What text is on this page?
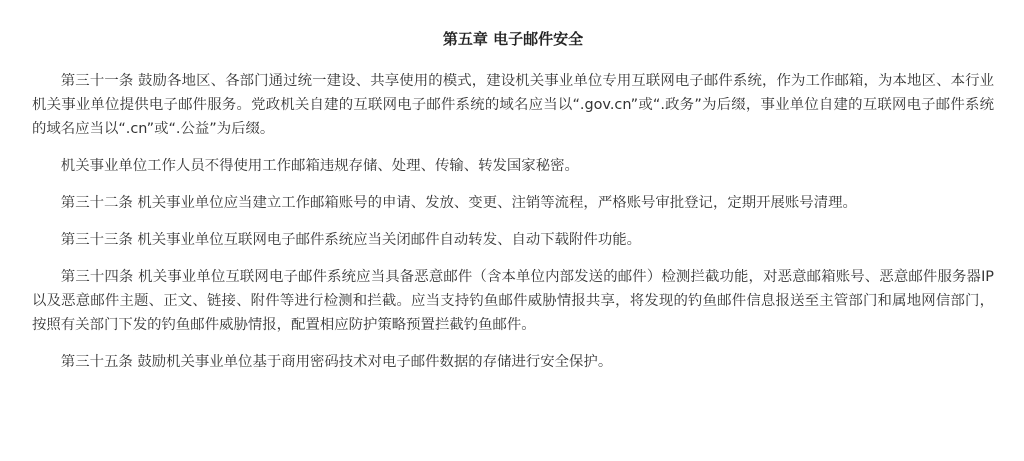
第五章 电子邮件安全

第三十一条 鼓励各地区、各部门通过统一建设、共享使用的模式，建设机关事业单位专用互联网电子邮件系统，作为工作邮箱，为本地区、本行业机关事业单位提供电子邮件服务。党政机关自建的互联网电子邮件系统的域名应当以“.gov.cn”或“.政务”为后缀，事业单位自建的互联网电子邮件系统的域名应当以“.cn”或“.公益”为后缀。

机关事业单位工作人员不得使用工作邮箱违规存储、处理、传输、转发国家秘密。

第三十二条 机关事业单位应当建立工作邮箱账号的申请、发放、变更、注销等流程，严格账号审批登记，定期开展账号清理。

第三十三条 机关事业单位互联网电子邮件系统应当关闭邮件自动转发、自动下载附件功能。

第三十四条 机关事业单位互联网电子邮件系统应当具备恶意邮件（含本单位内部发送的邮件）检测拦截功能，对恶意邮箱账号、恶意邮件服务器IP以及恶意邮件主题、正文、链接、附件等进行检测和拦截。应当支持钓鱼邮件威胁情报共享，将发现的钓鱼邮件信息报送至主管部门和属地网信部门，按照有关部门下发的钓鱼邮件威胁情报，配置相应防护策略预置拦截钓鱼邮件。

第三十五条 鼓励机关事业单位基于商用密码技术对电子邮件数据的存储进行安全保护。
